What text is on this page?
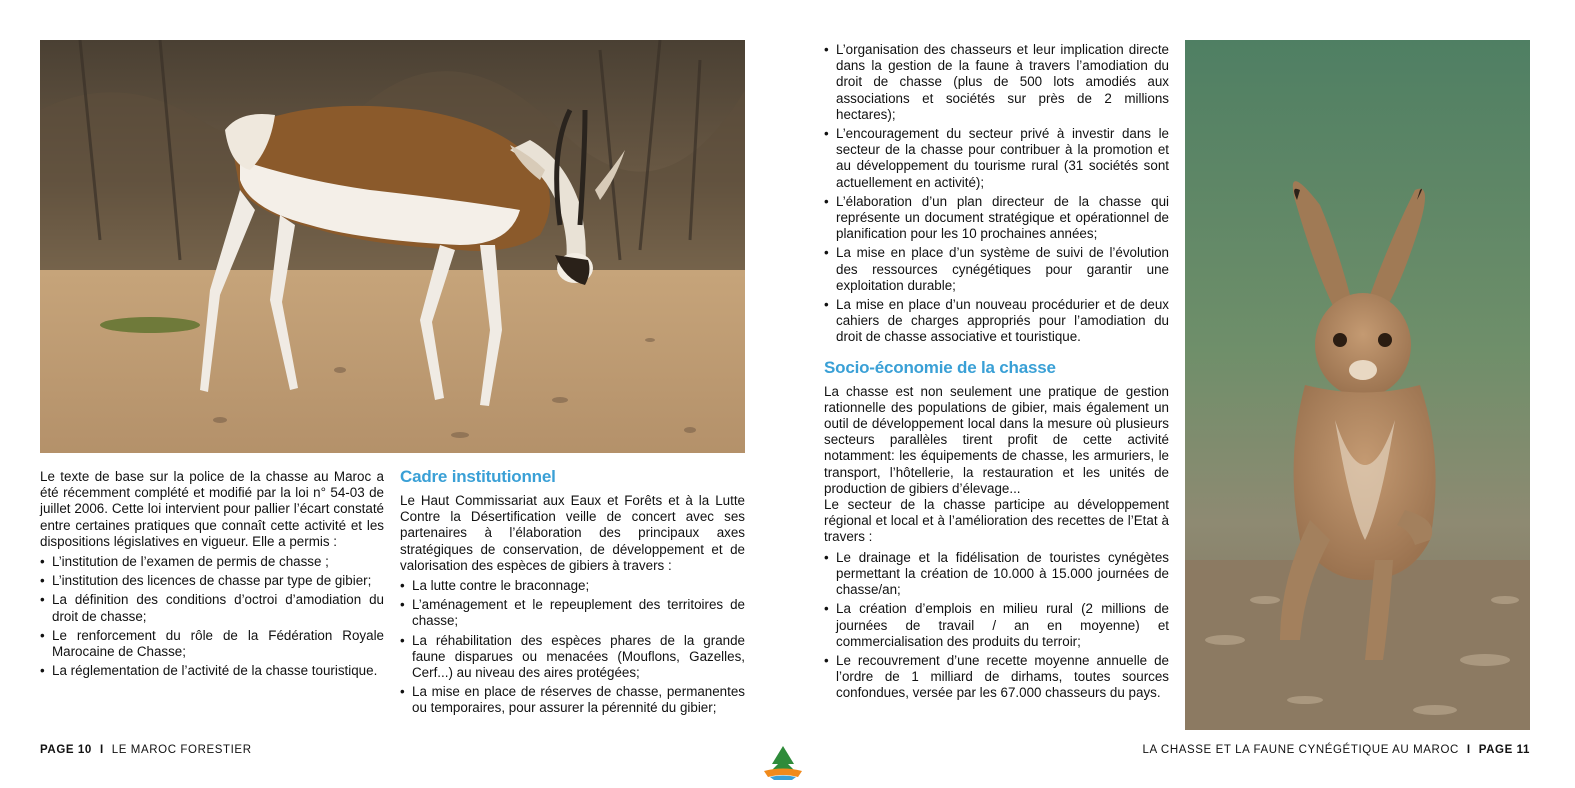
Le texte de base sur la police de la chasse au Maroc a été récemment complété et modifié par la loi n° 54-03 de juillet 2006. Cette loi intervient pour pallier l’écart constaté entre certaines pratiques que connaît cette activité et les dispositions législatives en vigueur. Elle a permis :

• L’institution de l’examen de permis de chasse ;
• L’institution des licences de chasse par type de gibier;
• La définition des conditions d’octroi d’amodiation du droit de chasse;
• Le renforcement du rôle de la Fédération Royale Marocaine de Chasse;
• La réglementation de l’activité de la chasse touristique.
Cadre institutionnel

Le Haut Commissariat aux Eaux et Forêts et à la Lutte Contre la Désertification veille de concert avec ses partenaires à l’élaboration des principaux axes stratégiques de conservation, de développement et de valorisation des espèces de gibiers à travers :

• La lutte contre le braconnage;
• L’aménagement et le repeuplement des territoires de chasse;
• La réhabilitation des espèces phares de la grande faune disparues ou menacées (Mouflons, Gazelles, Cerf...) au niveau des aires protégées;
• La mise en place de réserves de chasse, permanentes ou temporaires, pour assurer la pérennité du gibier;
• L’organisation des chasseurs et leur implication directe dans la gestion de la faune à travers l’amodiation du droit de chasse (plus de 500 lots amodiés aux associations et sociétés sur près de 2 millions hectares);
• L’encouragement du secteur privé à investir dans le secteur de la chasse pour contribuer à la promotion et au développement du tourisme rural (31 sociétés sont actuellement en activité);
• L’élaboration d’un plan directeur de la chasse qui représente un document stratégique et opérationnel de planification pour les 10 prochaines années;
• La mise en place d’un système de suivi de l’évolution des ressources cynégétiques pour garantir une exploitation durable;
• La mise en place d’un nouveau procédurier et de deux cahiers de charges appropriés pour l’amodiation du droit de chasse associative et touristique.
Socio-économie de la chasse

La chasse est non seulement une pratique de gestion rationnelle des populations de gibier, mais également un outil de développement local dans la mesure où plusieurs secteurs parallèles tirent profit de cette activité notamment: les équipements de chasse, les armuriers, le transport, l’hôtellerie, la restauration et les unités de production de gibiers d’élevage...

Le secteur de la chasse participe au développement régional et local et à l’amélioration des recettes de l’Etat à travers :

• Le drainage et la fidélisation de touristes cynégètes permettant la création de 10.000 à 15.000 journées de chasse/an;
• La création d’emplois en milieu rural (2 millions de journées de travail / an en moyenne) et commercialisation des produits du terroir;
• Le recouvrement d’une recette moyenne annuelle de l’ordre de 1 milliard de dirhams, toutes sources confondues, versée par les 67.000 chasseurs du pays.
PAGE 10 I LE MAROC FORESTIER	LA CHASSE ET LA FAUNE CYNÉGÉTIQUE AU MAROC I PAGE 11
